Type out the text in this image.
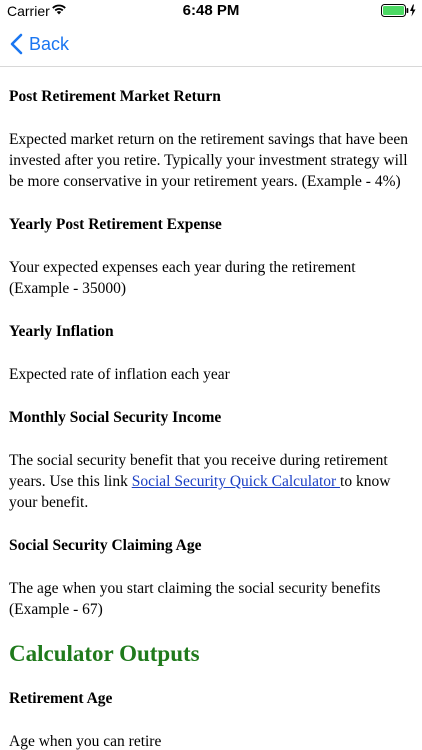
Carrier	6:48 PM
Back
Post Retirement Market Return

Expected market return on the retirement savings that have been invested after you retire. Typically your investment strategy will be more conservative in your retirement years. (Example - 4%)

Yearly Post Retirement Expense

Your expected expenses each year during the retirement (Example - 35000)

Yearly Inflation

Expected rate of inflation each year

Monthly Social Security Income

The social security benefit that you receive during retirement years. Use this link Social Security Quick Calculator to know your benefit.

Social Security Claiming Age

The age when you start claiming the social security benefits (Example - 67)

Calculator Outputs
Retirement Age

Age when you can retire
